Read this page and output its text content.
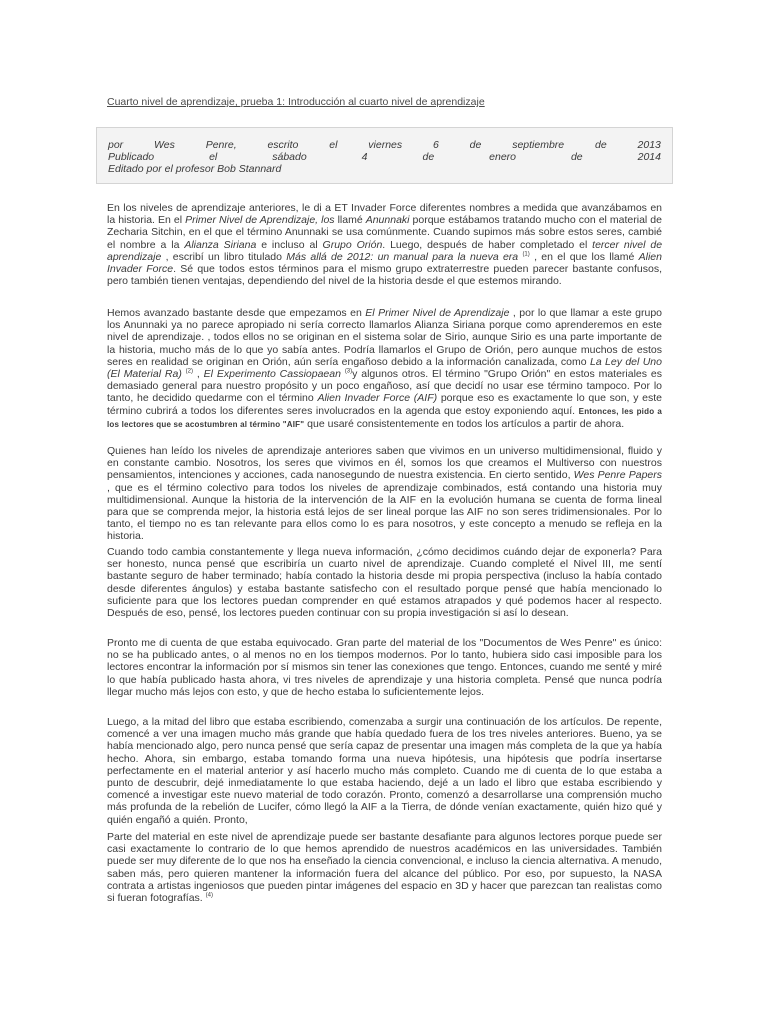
Cuarto nivel de aprendizaje, prueba 1: Introducción al cuarto nivel de aprendizaje
por	Wes	Penre,	escrito	el	viernes	6	de	septiembre	de	2013
Publicado	el	sábado	4	de	enero	de	2014
Editado por el profesor Bob Stannard
En los niveles de aprendizaje anteriores, le di a ET Invader Force diferentes nombres a medida que avanzábamos en la historia. En el Primer Nivel de Aprendizaje, los llamé Anunnaki porque estábamos tratando mucho con el material de Zecharia Sitchin, en el que el término Anunnaki se usa comúnmente. Cuando supimos más sobre estos seres, cambié el nombre a la Alianza Siriana e incluso al Grupo Orión. Luego, después de haber completado el tercer nivel de aprendizaje , escribí un libro titulado Más allá de 2012: un manual para la nueva era $^{(1)}$ , en el que los llamé Alien Invader Force. Sé que todos estos términos para el mismo grupo extraterrestre pueden parecer bastante confusos, pero también tienen ventajas, dependiendo del nivel de la historia desde el que estemos mirando.
Hemos avanzado bastante desde que empezamos en El Primer Nivel de Aprendizaje , por lo que llamar a este grupo los Anunnaki ya no parece apropiado ni sería correcto llamarlos Alianza Siriana porque como aprenderemos en este nivel de aprendizaje. , todos ellos no se originan en el sistema solar de Sirio, aunque Sirio es una parte importante de la historia, mucho más de lo que yo sabía antes. Podría llamarlos el Grupo de Orión, pero aunque muchos de estos seres en realidad se originan en Orión, aún sería engañoso debido a la información canalizada, como La Ley del Uno (El Material Ra) $^{(2)}$ , El Experimento Cassiopaean $^{(3)}$y algunos otros. El término "Grupo Orión" en estos materiales es demasiado general para nuestro propósito y un poco engañoso, así que decidí no usar ese término tampoco. Por lo tanto, he decidido quedarme con el término Alien Invader Force (AIF) porque eso es exactamente lo que son, y este término cubrirá a todos los diferentes seres involucrados en la agenda que estoy exponiendo aquí. Entonces, les pido a los lectores que se acostumbren al término "AIF" que usaré consistentemente en todos los artículos a partir de ahora.
Quienes han leído los niveles de aprendizaje anteriores saben que vivimos en un universo multidimensional, fluido y en constante cambio. Nosotros, los seres que vivimos en él, somos los que creamos el Multiverso con nuestros pensamientos, intenciones y acciones, cada nanosegundo de nuestra existencia. En cierto sentido, Wes Penre Papers , que es el término colectivo para todos los niveles de aprendizaje combinados, está contando una historia muy multidimensional. Aunque la historia de la intervención de la AIF en la evolución humana se cuenta de forma lineal para que se comprenda mejor, la historia está lejos de ser lineal porque las AIF no son seres tridimensionales. Por lo tanto, el tiempo no es tan relevante para ellos como lo es para nosotros, y este concepto a menudo se refleja en la historia.
Cuando todo cambia constantemente y llega nueva información, ¿cómo decidimos cuándo dejar de exponerla? Para ser honesto, nunca pensé que escribiría un cuarto nivel de aprendizaje. Cuando completé el Nivel III, me sentí bastante seguro de haber terminado; había contado la historia desde mi propia perspectiva (incluso la había contado desde diferentes ángulos) y estaba bastante satisfecho con el resultado porque pensé que había mencionado lo suficiente para que los lectores puedan comprender en qué estamos atrapados y qué podemos hacer al respecto. Después de eso, pensé, los lectores pueden continuar con su propia investigación si así lo desean.
Pronto me di cuenta de que estaba equivocado. Gran parte del material de los "Documentos de Wes Penre" es único: no se ha publicado antes, o al menos no en los tiempos modernos. Por lo tanto, hubiera sido casi imposible para los lectores encontrar la información por sí mismos sin tener las conexiones que tengo. Entonces, cuando me senté y miré lo que había publicado hasta ahora, vi tres niveles de aprendizaje y una historia completa. Pensé que nunca podría llegar mucho más lejos con esto, y que de hecho estaba lo suficientemente lejos.
Luego, a la mitad del libro que estaba escribiendo, comenzaba a surgir una continuación de los artículos. De repente, comencé a ver una imagen mucho más grande que había quedado fuera de los tres niveles anteriores. Bueno, ya se había mencionado algo, pero nunca pensé que sería capaz de presentar una imagen más completa de la que ya había hecho. Ahora, sin embargo, estaba tomando forma una nueva hipótesis, una hipótesis que podría insertarse perfectamente en el material anterior y así hacerlo mucho más completo. Cuando me di cuenta de lo que estaba a punto de descubrir, dejé inmediatamente lo que estaba haciendo, dejé a un lado el libro que estaba escribiendo y comencé a investigar este nuevo material de todo corazón. Pronto, comenzó a desarrollarse una comprensión mucho más profunda de la rebelión de Lucifer, cómo llegó la AIF a la Tierra, de dónde venían exactamente, quién hizo qué y quién engañó a quién. Pronto,
Parte del material en este nivel de aprendizaje puede ser bastante desafiante para algunos lectores porque puede ser casi exactamente lo contrario de lo que hemos aprendido de nuestros académicos en las universidades. También puede ser muy diferente de lo que nos ha enseñado la ciencia convencional, e incluso la ciencia alternativa. A menudo, saben más, pero quieren mantener la información fuera del alcance del público. Por eso, por supuesto, la NASA contrata a artistas ingeniosos que pueden pintar imágenes del espacio en 3D y hacer que parezcan tan realistas como si fueran fotografías. $^{(4)}$
